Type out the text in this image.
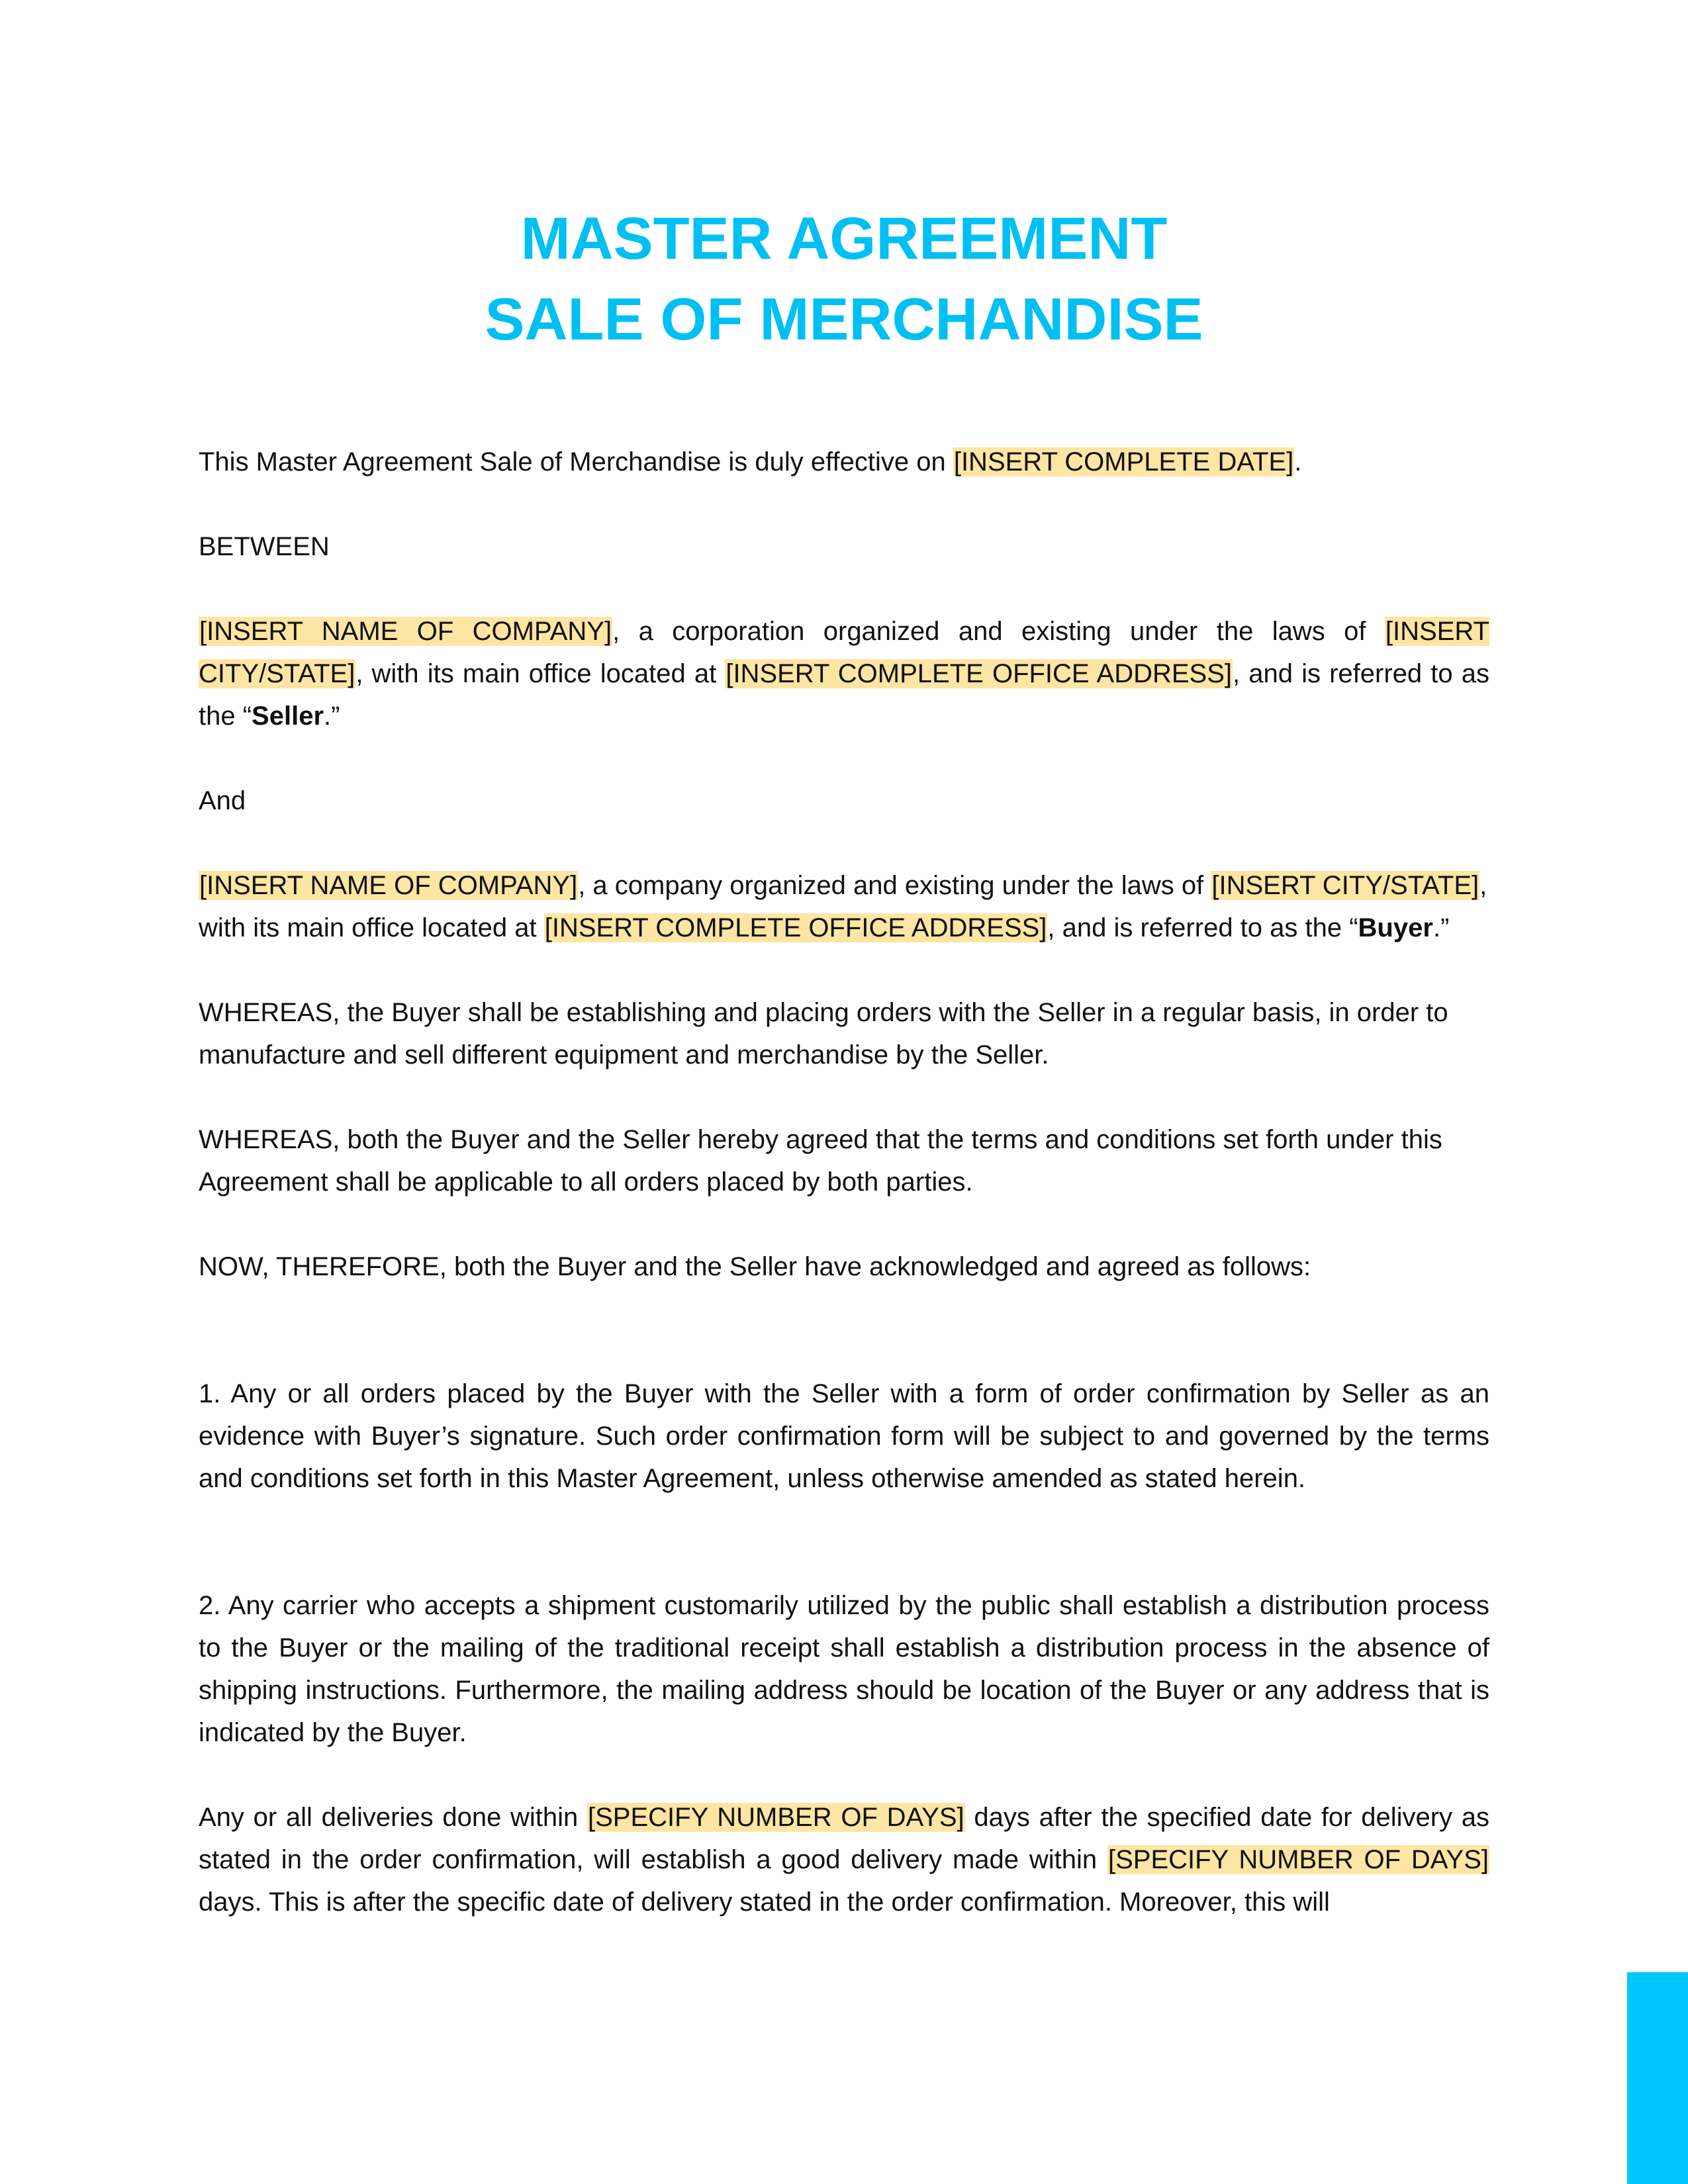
MASTER AGREEMENT
SALE OF MERCHANDISE

This Master Agreement Sale of Merchandise is duly effective on [INSERT COMPLETE DATE].

BETWEEN

[INSERT NAME OF COMPANY], a corporation organized and existing under the laws of [INSERT CITY/STATE], with its main office located at [INSERT COMPLETE OFFICE ADDRESS], and is referred to as the “Seller.”

And

[INSERT NAME OF COMPANY], a company organized and existing under the laws of [INSERT CITY/STATE], with its main office located at [INSERT COMPLETE OFFICE ADDRESS], and is referred to as the “Buyer.”

WHEREAS, the Buyer shall be establishing and placing orders with the Seller in a regular basis, in order to manufacture and sell different equipment and merchandise by the Seller.

WHEREAS, both the Buyer and the Seller hereby agreed that the terms and conditions set forth under this Agreement shall be applicable to all orders placed by both parties.

NOW, THEREFORE, both the Buyer and the Seller have acknowledged and agreed as follows:

1. Any or all orders placed by the Buyer with the Seller with a form of order confirmation by Seller as an evidence with Buyer’s signature. Such order confirmation form will be subject to and governed by the terms and conditions set forth in this Master Agreement, unless otherwise amended as stated herein.

2. Any carrier who accepts a shipment customarily utilized by the public shall establish a distribution process to the Buyer or the mailing of the traditional receipt shall establish a distribution process in the absence of shipping instructions. Furthermore, the mailing address should be location of the Buyer or any address that is indicated by the Buyer.

Any or all deliveries done within [SPECIFY NUMBER OF DAYS] days after the specified date for delivery as stated in the order confirmation, will establish a good delivery made within [SPECIFY NUMBER OF DAYS] days. This is after the specific date of delivery stated in the order confirmation. Moreover, this will
